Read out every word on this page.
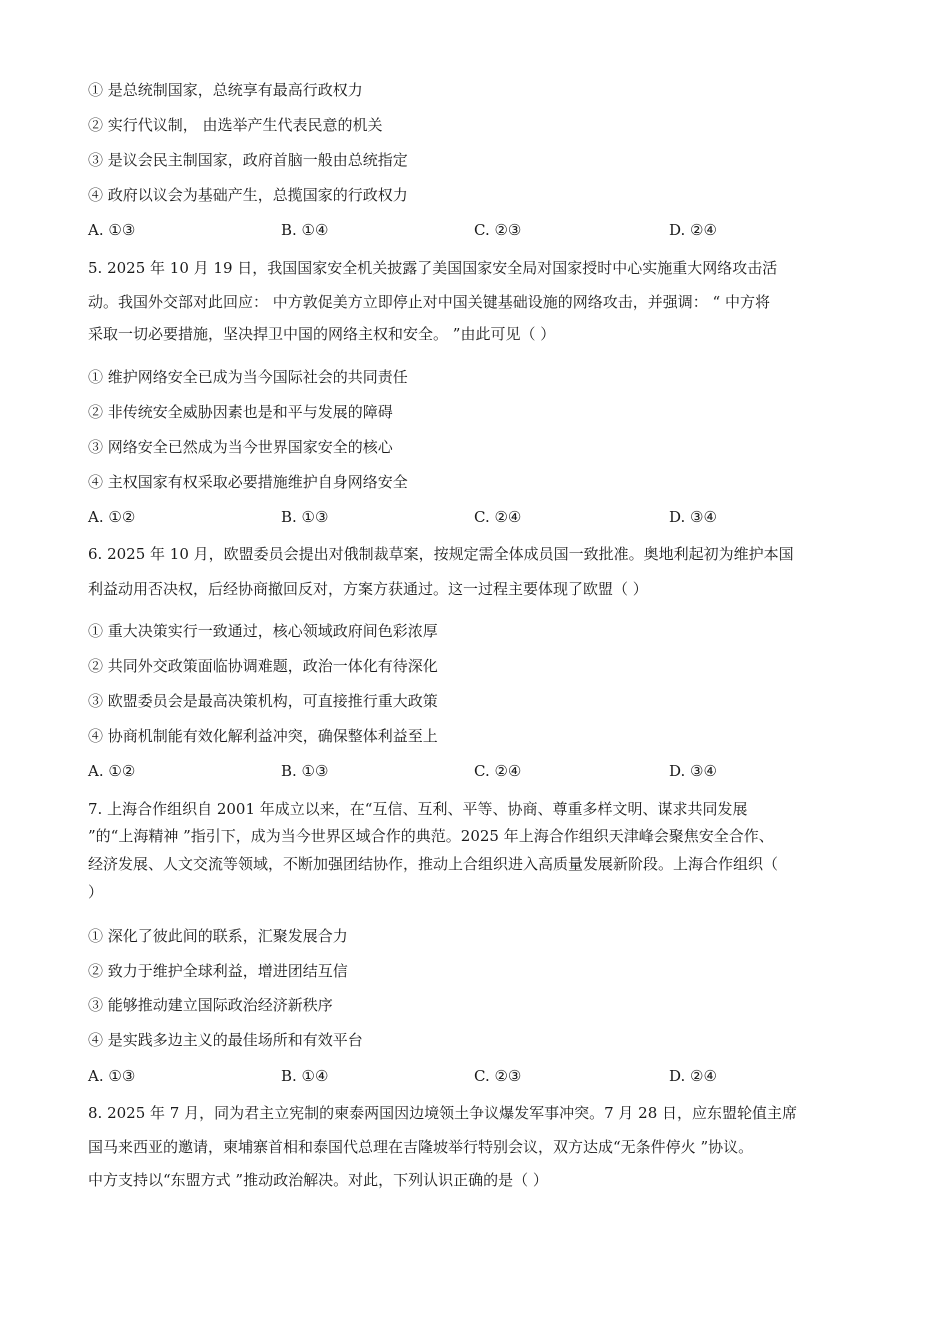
① 是总统制国家，总统享有最高行政权力
② 实行代议制， 由选举产生代表民意的机关
③ 是议会民主制国家，政府首脑一般由总统指定
④ 政府以议会为基础产生，总揽国家的行政权力
A. ①③	B. ①④	C. ②③	D. ②④
5. 2025 年 10 月 19 日，我国国家安全机关披露了美国国家安全局对国家授时中心实施重大网络攻击活
动。我国外交部对此回应： 中方敦促美方立即停止对中国关键基础设施的网络攻击，并强调： “ 中方将
采取一切必要措施，坚决捍卫中国的网络主权和安全。 ”由此可见（ ）
① 维护网络安全已成为当今国际社会的共同责任
② 非传统安全威胁因素也是和平与发展的障碍
③ 网络安全已然成为当今世界国家安全的核心
④ 主权国家有权采取必要措施维护自身网络安全
A. ①②	B. ①③	C. ②④	D. ③④
6. 2025 年 10 月，欧盟委员会提出对俄制裁草案，按规定需全体成员国一致批准。奥地利起初为维护本国
利益动用否决权，后经协商撤回反对，方案方获通过。这一过程主要体现了欧盟（ ）
① 重大决策实行一致通过，核心领域政府间色彩浓厚
② 共同外交政策面临协调难题，政治一体化有待深化
③ 欧盟委员会是最高决策机构，可直接推行重大政策
④ 协商机制能有效化解利益冲突，确保整体利益至上
A. ①②	B. ①③	C. ②④	D. ③④
7. 上海合作组织自 2001 年成立以来，在“互信、互利、平等、协商、尊重多样文明、谋求共同发展
”的“上海精神 ”指引下，成为当今世界区域合作的典范。2025 年上海合作组织天津峰会聚焦安全合作、
经济发展、人文交流等领域，不断加强团结协作，推动上合组织进入高质量发展新阶段。上海合作组织（
）
① 深化了彼此间的联系，汇聚发展合力
② 致力于维护全球利益，增进团结互信
③ 能够推动建立国际政治经济新秩序
④ 是实践多边主义的最佳场所和有效平台
A. ①③	B. ①④	C. ②③	D. ②④
8. 2025 年 7 月，同为君主立宪制的柬泰两国因边境领土争议爆发军事冲突。7 月 28 日，应东盟轮值主席
国马来西亚的邀请，柬埔寨首相和泰国代总理在吉隆坡举行特别会议，双方达成“无条件停火 ”协议。
中方支持以“东盟方式 ”推动政治解决。对此，下列认识正确的是（ ）
